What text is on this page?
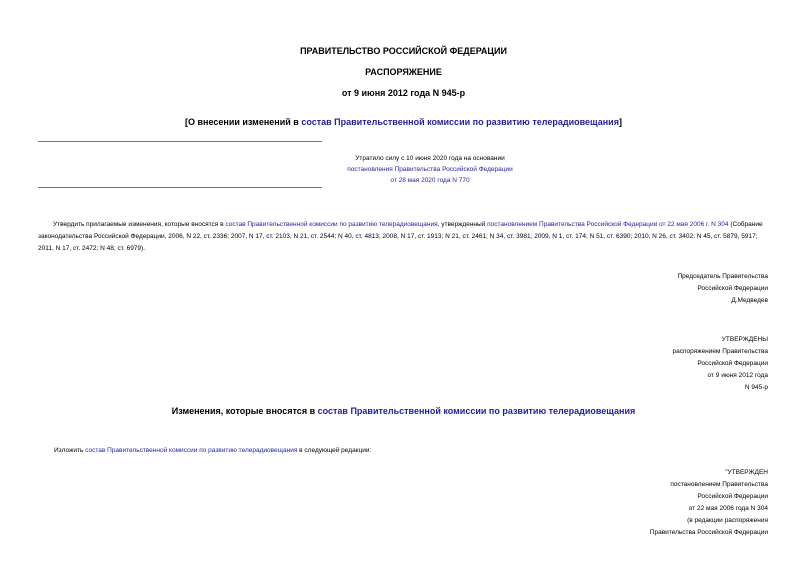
ПРАВИТЕЛЬСТВО РОССИЙСКОЙ ФЕДЕРАЦИИ
РАСПОРЯЖЕНИЕ
от 9 июня 2012 года N 945-р
[О внесении изменений в состав Правительственной комиссии по развитию телерадиовещания]
Утратило силу с 10 июня 2020 года на основании
постановления Правительства Российской Федерации
от 28 мая 2020 года N 770
Утвердить прилагаемые изменения, которые вносятся в состав Правительственной комиссии по развитию телерадиовещания, утвержденный постановлением Правительства Российской Федерации от 22 мая 2006 г. N 304 (Собрание законодательства Российской Федерации, 2006, N 22, ст. 2336; 2007, N 17, ст. 2103, N 21, ст. 2544; N 40, ст. 4813; 2008, N 17, ст. 1913; N 21, ст. 2461; N 34, ст. 3981; 2009, N 1, ст. 174; N 51, ст. 6390; 2010, N 26, ст. 3402; N 45, ст. 5879, 5917; 2011, N 17, ст. 2472; N 48, ст. 6979).
Председатель Правительства
Российской Федерации
Д.Медведев
УТВЕРЖДЕНЫ
распоряжением Правительства
Российской Федерации
от 9 июня 2012 года
N 945-р
Изменения, которые вносятся в состав Правительственной комиссии по развитию телерадиовещания
Изложить состав Правительственной комиссии по развитию телерадиовещания в следующей редакции:
"УТВЕРЖДЕН
постановлением Правительства
Российской Федерации
от 22 мая 2006 года N 304
(в редакции распоряжения
Правительства Российской Федерации
